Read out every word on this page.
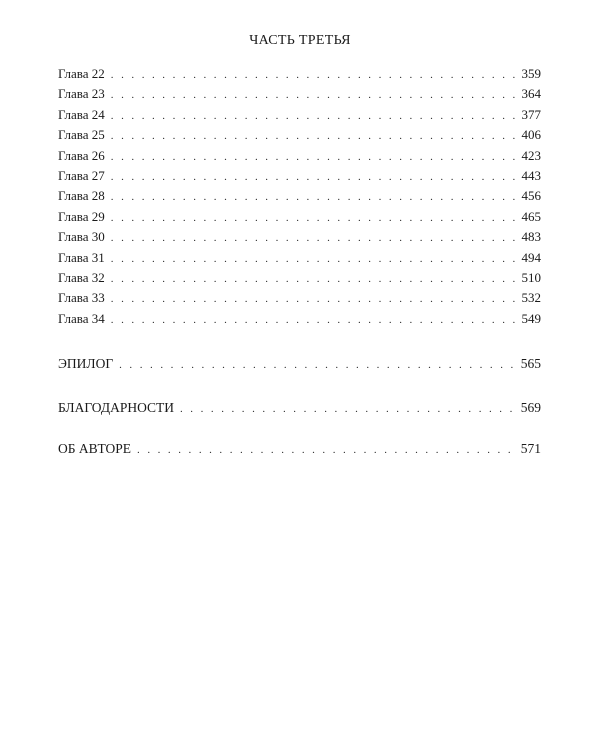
ЧАСТЬ ТРЕТЬЯ
Глава 22 . . .	359
Глава 23 . . .	364
Глава 24 . . .	377
Глава 25 . . .	406
Глава 26 . . .	423
Глава 27 . . .	443
Глава 28 . . .	456
Глава 29 . . .	465
Глава 30 . . .	483
Глава 31 . . .	494
Глава 32 . . .	510
Глава 33 . . .	532
Глава 34 . . .	549
ЭПИЛОГ . . .	565
БЛАГОДАРНОСТИ . . .	569
ОБ АВТОРЕ . . .	571
